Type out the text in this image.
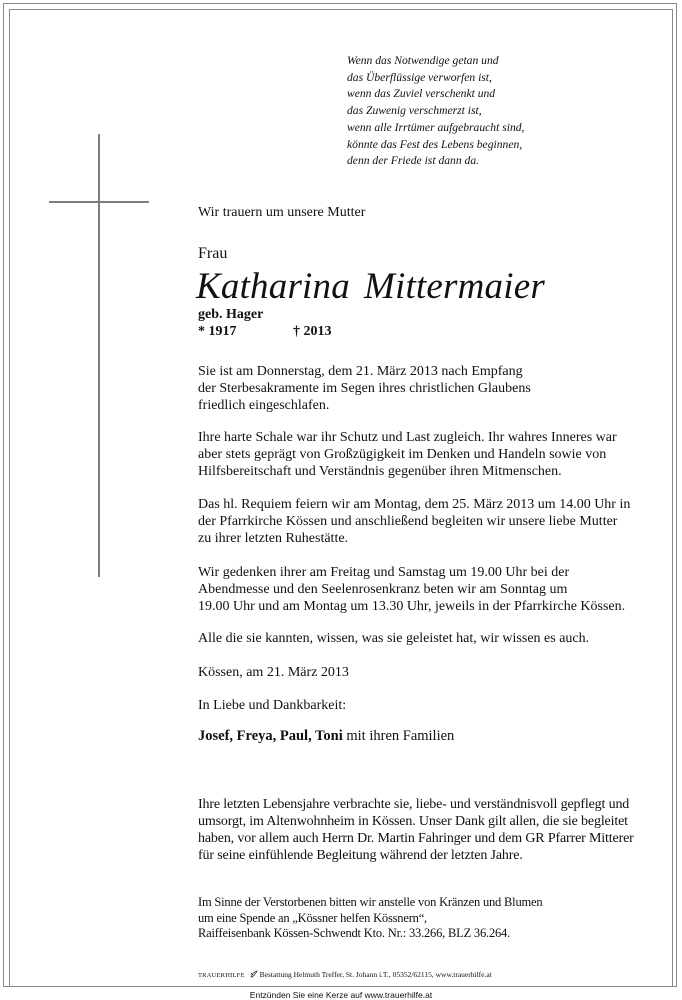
Wenn das Notwendige getan und
das Überflüssige verworfen ist,
wenn das Zuviel verschenkt und
das Zuwenig verschmerzt ist,
wenn alle Irrtümer aufgebraucht sind,
könnte das Fest des Lebens beginnen,
denn der Friede ist dann da.
Wir trauern um unsere Mutter
Frau
Katharina Mittermaier
geb. Hager
* 1917	† 2013
Sie ist am Donnerstag, dem 21. März 2013 nach Empfang
der Sterbesakramente im Segen ihres christlichen Glaubens
friedlich eingeschlafen.
Ihre harte Schale war ihr Schutz und Last zugleich. Ihr wahres Inneres war
aber stets geprägt von Großzügigkeit im Denken und Handeln sowie von
Hilfsbereitschaft und Verständnis gegenüber ihren Mitmenschen.
Das hl. Requiem feiern wir am Montag, dem 25. März 2013 um 14.00 Uhr in
der Pfarrkirche Kössen und anschließend begleiten wir unsere liebe Mutter
zu ihrer letzten Ruhestätte.
Wir gedenken ihrer am Freitag und Samstag um 19.00 Uhr bei der
Abendmesse und den Seelenrosenkranz beten wir am Sonntag um
19.00 Uhr und am Montag um 13.30 Uhr, jeweils in der Pfarrkirche Kössen.
Alle die sie kannten, wissen, was sie geleistet hat, wir wissen es auch.
Kössen, am 21. März 2013
In Liebe und Dankbarkeit:
Josef, Freya, Paul, Toni mit ihren Familien
Ihre letzten Lebensjahre verbrachte sie, liebe- und verständnisvoll gepflegt und
umsorgt, im Altenwohnheim in Kössen. Unser Dank gilt allen, die sie begleitet
haben, vor allem auch Herrn Dr. Martin Fahringer und dem GR Pfarrer Mitterer
für seine einfühlende Begleitung während der letzten Jahre.
Im Sinne der Verstorbenen bitten wir anstelle von Kränzen und Blumen
um eine Spende an „Kössner helfen Kössnern“,
Raiffeisenbank Kössen-Schwendt Kto. Nr.: 33.266, BLZ 36.264.
TRAUERHILFE Bestattung Helmuth Treffer, St. Johann i.T., 05352/62115, www.trauerhilfe.at
Entzünden Sie eine Kerze auf www.trauerhilfe.at
